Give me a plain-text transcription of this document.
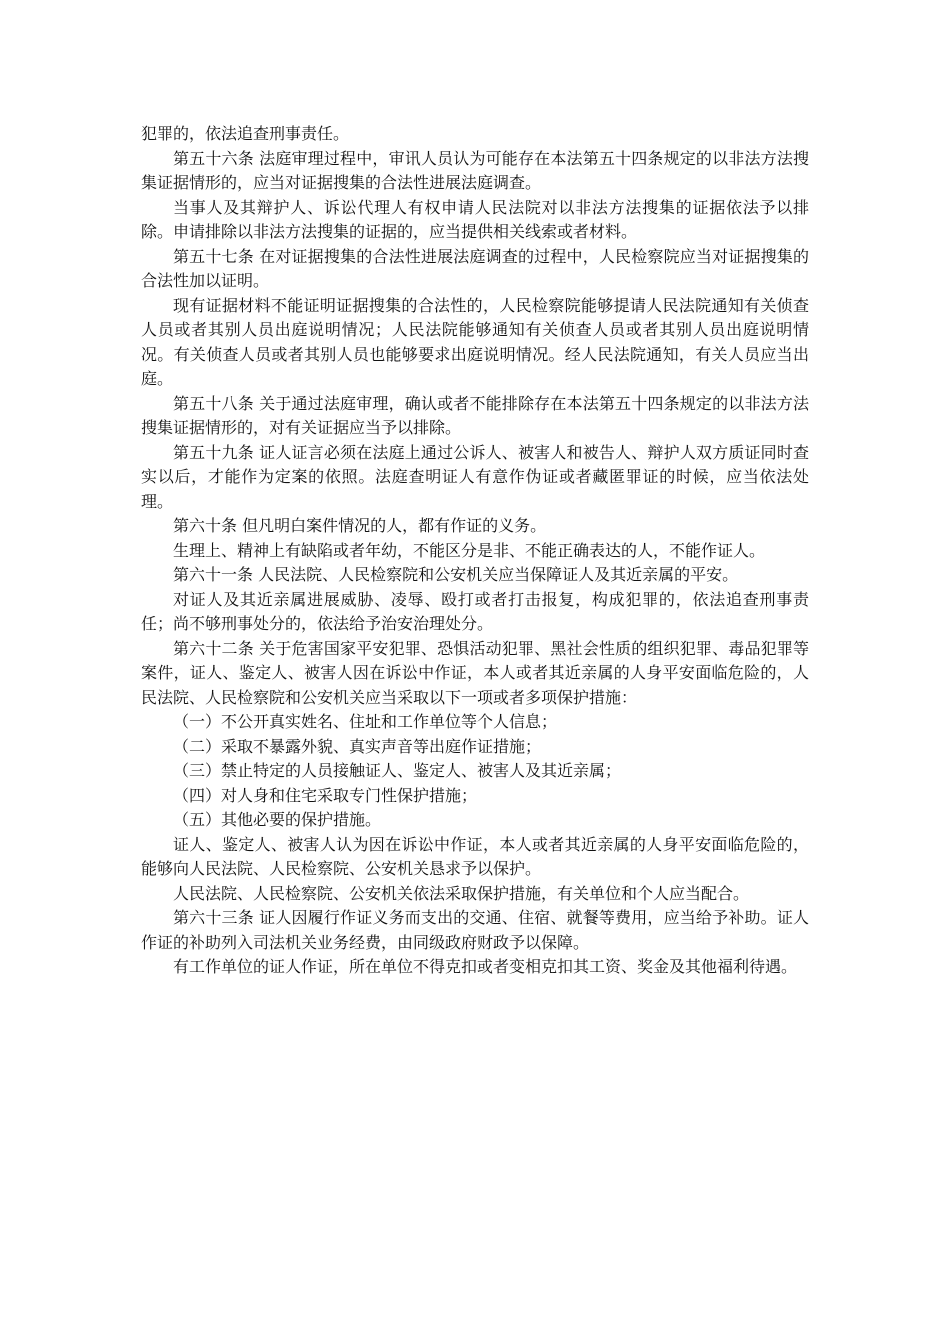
犯罪的，依法追查刑事责任。

第五十六条 法庭审理过程中，审讯人员认为可能存在本法第五十四条规定的以非法方法搜集证据情形的，应当对证据搜集的合法性进展法庭调查。

当事人及其辩护人、诉讼代理人有权申请人民法院对以非法方法搜集的证据依法予以排除。申请排除以非法方法搜集的证据的，应当提供相关线索或者材料。

第五十七条 在对证据搜集的合法性进展法庭调查的过程中，人民检察院应当对证据搜集的合法性加以证明。

现有证据材料不能证明证据搜集的合法性的，人民检察院能够提请人民法院通知有关侦查人员或者其别人员出庭说明情况；人民法院能够通知有关侦查人员或者其别人员出庭说明情况。有关侦查人员或者其别人员也能够要求出庭说明情况。经人民法院通知，有关人员应当出庭。

第五十八条 关于通过法庭审理，确认或者不能排除存在本法第五十四条规定的以非法方法搜集证据情形的，对有关证据应当予以排除。

第五十九条 证人证言必须在法庭上通过公诉人、被害人和被告人、辩护人双方质证同时查实以后，才能作为定案的依照。法庭查明证人有意作伪证或者藏匿罪证的时候，应当依法处理。

第六十条 但凡明白案件情况的人，都有作证的义务。

生理上、精神上有缺陷或者年幼，不能区分是非、不能正确表达的人，不能作证人。

第六十一条 人民法院、人民检察院和公安机关应当保障证人及其近亲属的平安。

对证人及其近亲属进展威胁、凌辱、殴打或者打击报复，构成犯罪的，依法追查刑事责任；尚不够刑事处分的，依法给予治安治理处分。

第六十二条 关于危害国家平安犯罪、恐惧活动犯罪、黑社会性质的组织犯罪、毒品犯罪等案件，证人、鉴定人、被害人因在诉讼中作证，本人或者其近亲属的人身平安面临危险的，人民法院、人民检察院和公安机关应当采取以下一项或者多项保护措施：

（一）不公开真实姓名、住址和工作单位等个人信息；

（二）采取不暴露外貌、真实声音等出庭作证措施；

（三）禁止特定的人员接触证人、鉴定人、被害人及其近亲属；

（四）对人身和住宅采取专门性保护措施；

（五）其他必要的保护措施。

证人、鉴定人、被害人认为因在诉讼中作证，本人或者其近亲属的人身平安面临危险的，能够向人民法院、人民检察院、公安机关恳求予以保护。

人民法院、人民检察院、公安机关依法采取保护措施，有关单位和个人应当配合。

第六十三条 证人因履行作证义务而支出的交通、住宿、就餐等费用，应当给予补助。证人作证的补助列入司法机关业务经费，由同级政府财政予以保障。

有工作单位的证人作证，所在单位不得克扣或者变相克扣其工资、奖金及其他福利待遇。
